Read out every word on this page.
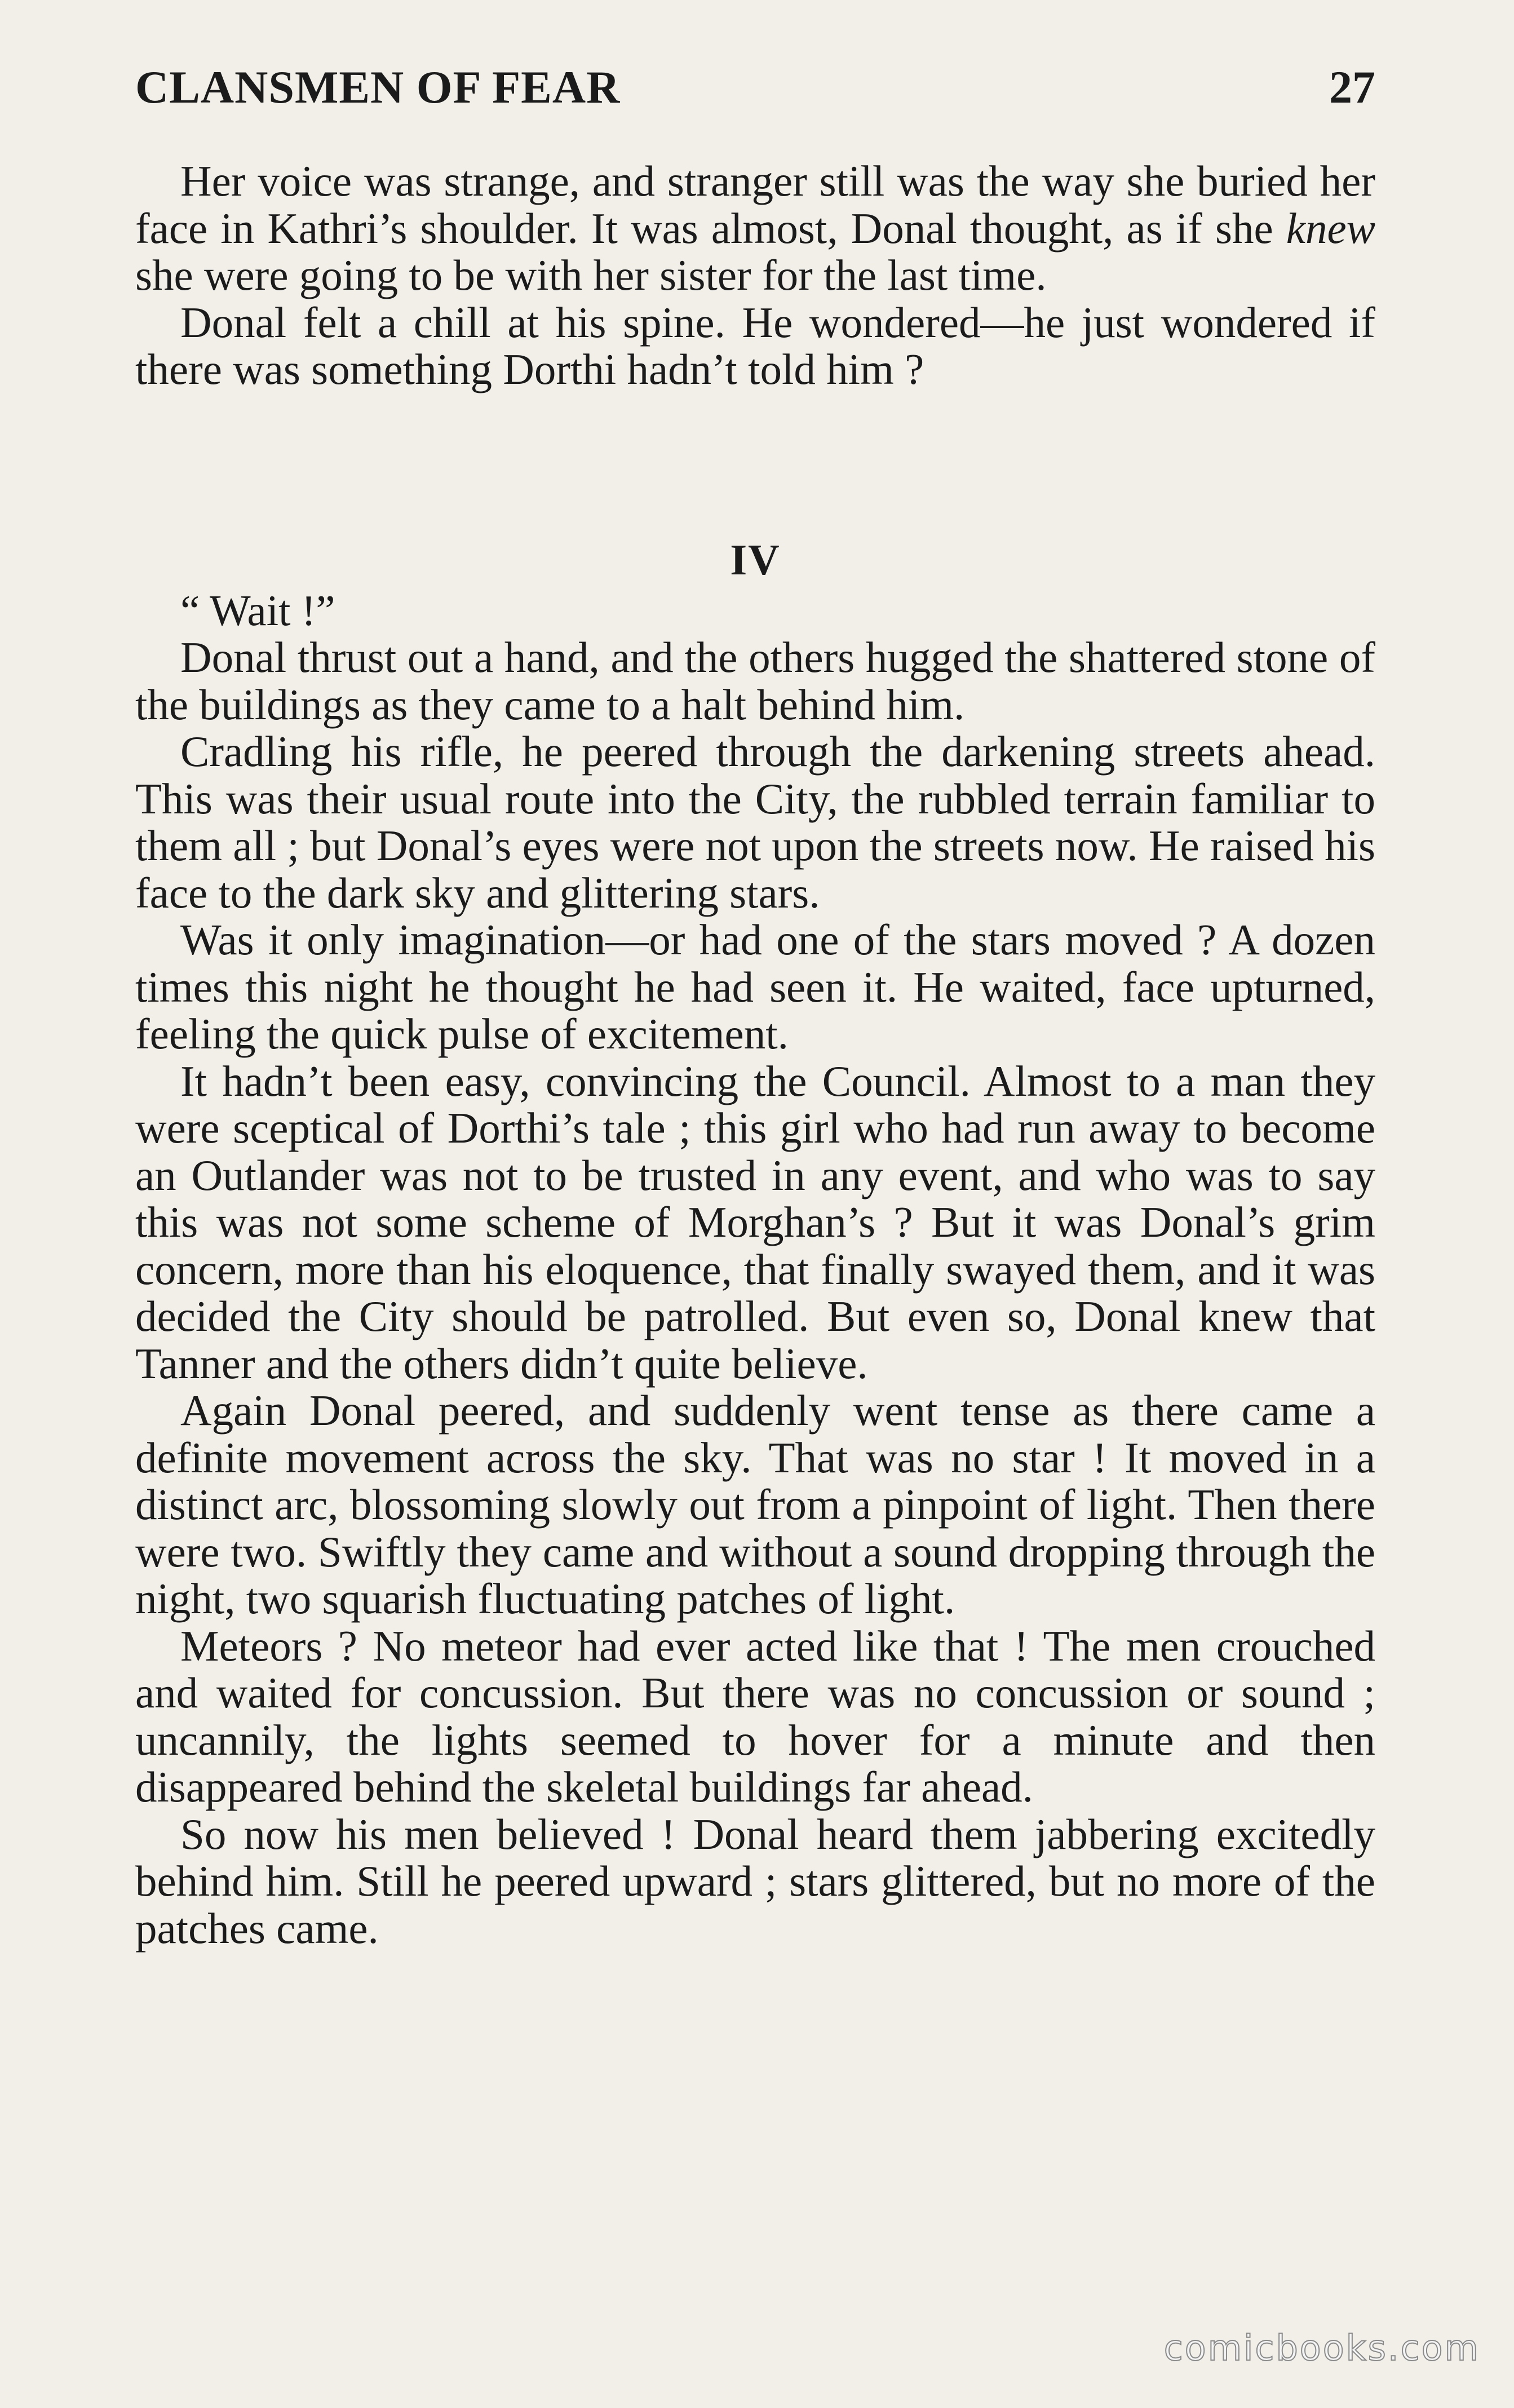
CLANSMEN OF FEAR	27

Her voice was strange, and stranger still was the way she buried her face in Kathri’s shoulder. It was almost, Donal thought, as if she knew she were going to be with her sister for the last time.

Donal felt a chill at his spine. He wondered—he just wondered if there was something Dorthi hadn’t told him ?

IV

“ Wait !”

Donal thrust out a hand, and the others hugged the shattered stone of the buildings as they came to a halt behind him.

Cradling his rifle, he peered through the darkening streets ahead. This was their usual route into the City, the rubbled terrain familiar to them all ; but Donal’s eyes were not upon the streets now. He raised his face to the dark sky and glittering stars.

Was it only imagination—or had one of the stars moved ? A dozen times this night he thought he had seen it. He waited, face upturned, feeling the quick pulse of excitement.

It hadn’t been easy, convincing the Council. Almost to a man they were sceptical of Dorthi’s tale ; this girl who had run away to become an Outlander was not to be trusted in any event, and who was to say this was not some scheme of Morghan’s ? But it was Donal’s grim concern, more than his eloquence, that finally swayed them, and it was decided the City should be patrolled. But even so, Donal knew that Tanner and the others didn’t quite believe.

Again Donal peered, and suddenly went tense as there came a definite movement across the sky. That was no star ! It moved in a distinct arc, blossoming slowly out from a pinpoint of light. Then there were two. Swiftly they came and without a sound dropping through the night, two squarish fluctuating patches of light.

Meteors ? No meteor had ever acted like that ! The men crouched and waited for concussion. But there was no concussion or sound ; uncannily, the lights seemed to hover for a minute and then disappeared behind the skeletal buildings far ahead.

So now his men believed ! Donal heard them jabbering excitedly behind him. Still he peered upward ; stars glittered, but no more of the patches came.

comicbooks.com
